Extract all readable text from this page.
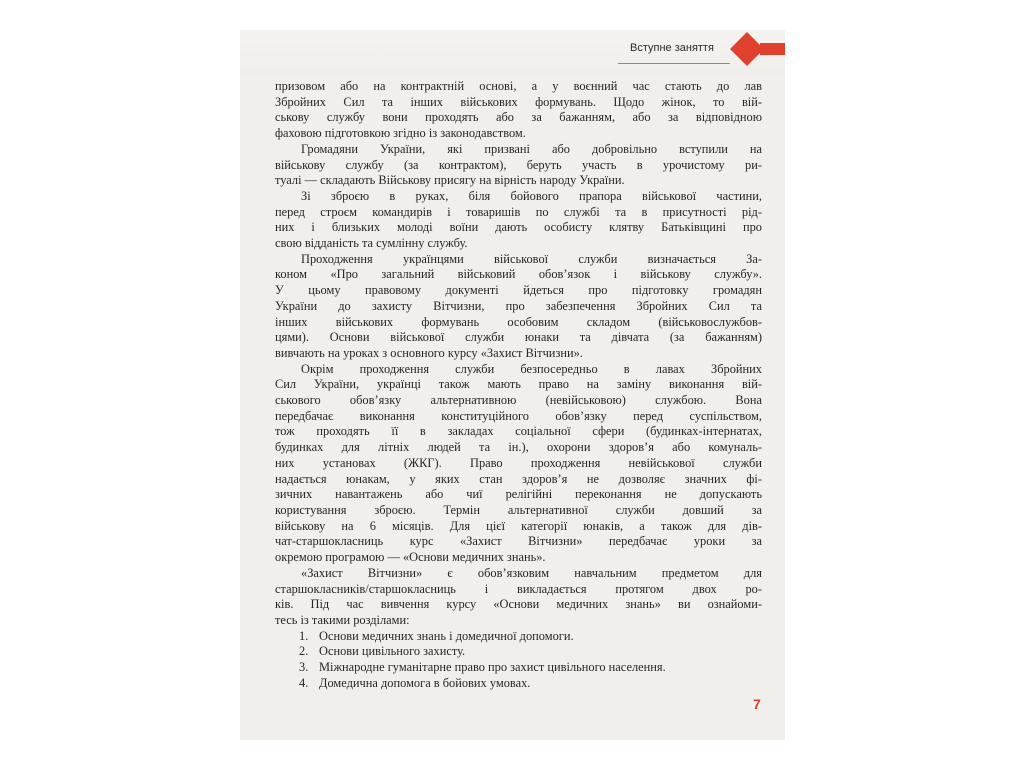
Вступне заняття
призовом або на контрактній основі, а у воєнний час стають до лав
Збройних Сил та інших військових формувань. Щодо жінок, то вій-
ськову службу вони проходять або за бажанням, або за відповідною
фаховою підготовкою згідно із законодавством.
Громадяни України, які призвані або добровільно вступили на
військову службу (за контрактом), беруть участь в урочистому ри-
туалі — складають Військову присягу на вірність народу України.
Зі зброєю в руках, біля бойового прапора військової частини,
перед строєм командирів і товаришів по службі та в присутності рід-
них і близьких молоді воїни дають особисту клятву Батьківщині про
свою відданість та сумлінну службу.
Проходження українцями військової служби визначається За-
коном «Про загальний військовий обов’язок і військову службу».
У цьому правовому документі йдеться про підготовку громадян
України до захисту Вітчизни, про забезпечення Збройних Сил та
інших військових формувань особовим складом (військовослужбов-
цями). Основи військової служби юнаки та дівчата (за бажанням)
вивчають на уроках з основного курсу «Захист Вітчизни».
Окрім проходження служби безпосередньо в лавах Збройних
Сил України, українці також мають право на заміну виконання вій-
ськового обов’язку альтернативною (невійськовою) службою. Вона
передбачає виконання конституційного обов’язку перед суспільством,
тож проходять її в закладах соціальної сфери (будинках-інтернатах,
будинках для літніх людей та ін.), охорони здоров’я або комуналь-
них установах (ЖКГ). Право проходження невійськової служби
надається юнакам, у яких стан здоров’я не дозволяє значних фі-
зичних навантажень або чиї релігійні переконання не допускають
користування зброєю. Термін альтернативної служби довший за
військову на 6 місяців. Для цієї категорії юнаків, а також для дів-
чат-старшокласниць курс «Захист Вітчизни» передбачає уроки за
окремою програмою — «Основи медичних знань».
«Захист Вітчизни» є обов’язковим навчальним предметом для
старшокласників/старшокласниць і викладається протягом двох ро-
ків. Під час вивчення курсу «Основи медичних знань» ви ознайоми-
тесь із такими розділами:
1. Основи медичних знань і домедичної допомоги.
2. Основи цивільного захисту.
3. Міжнародне гуманітарне право про захист цивільного населення.
4. Домедична допомога в бойових умовах.
7
